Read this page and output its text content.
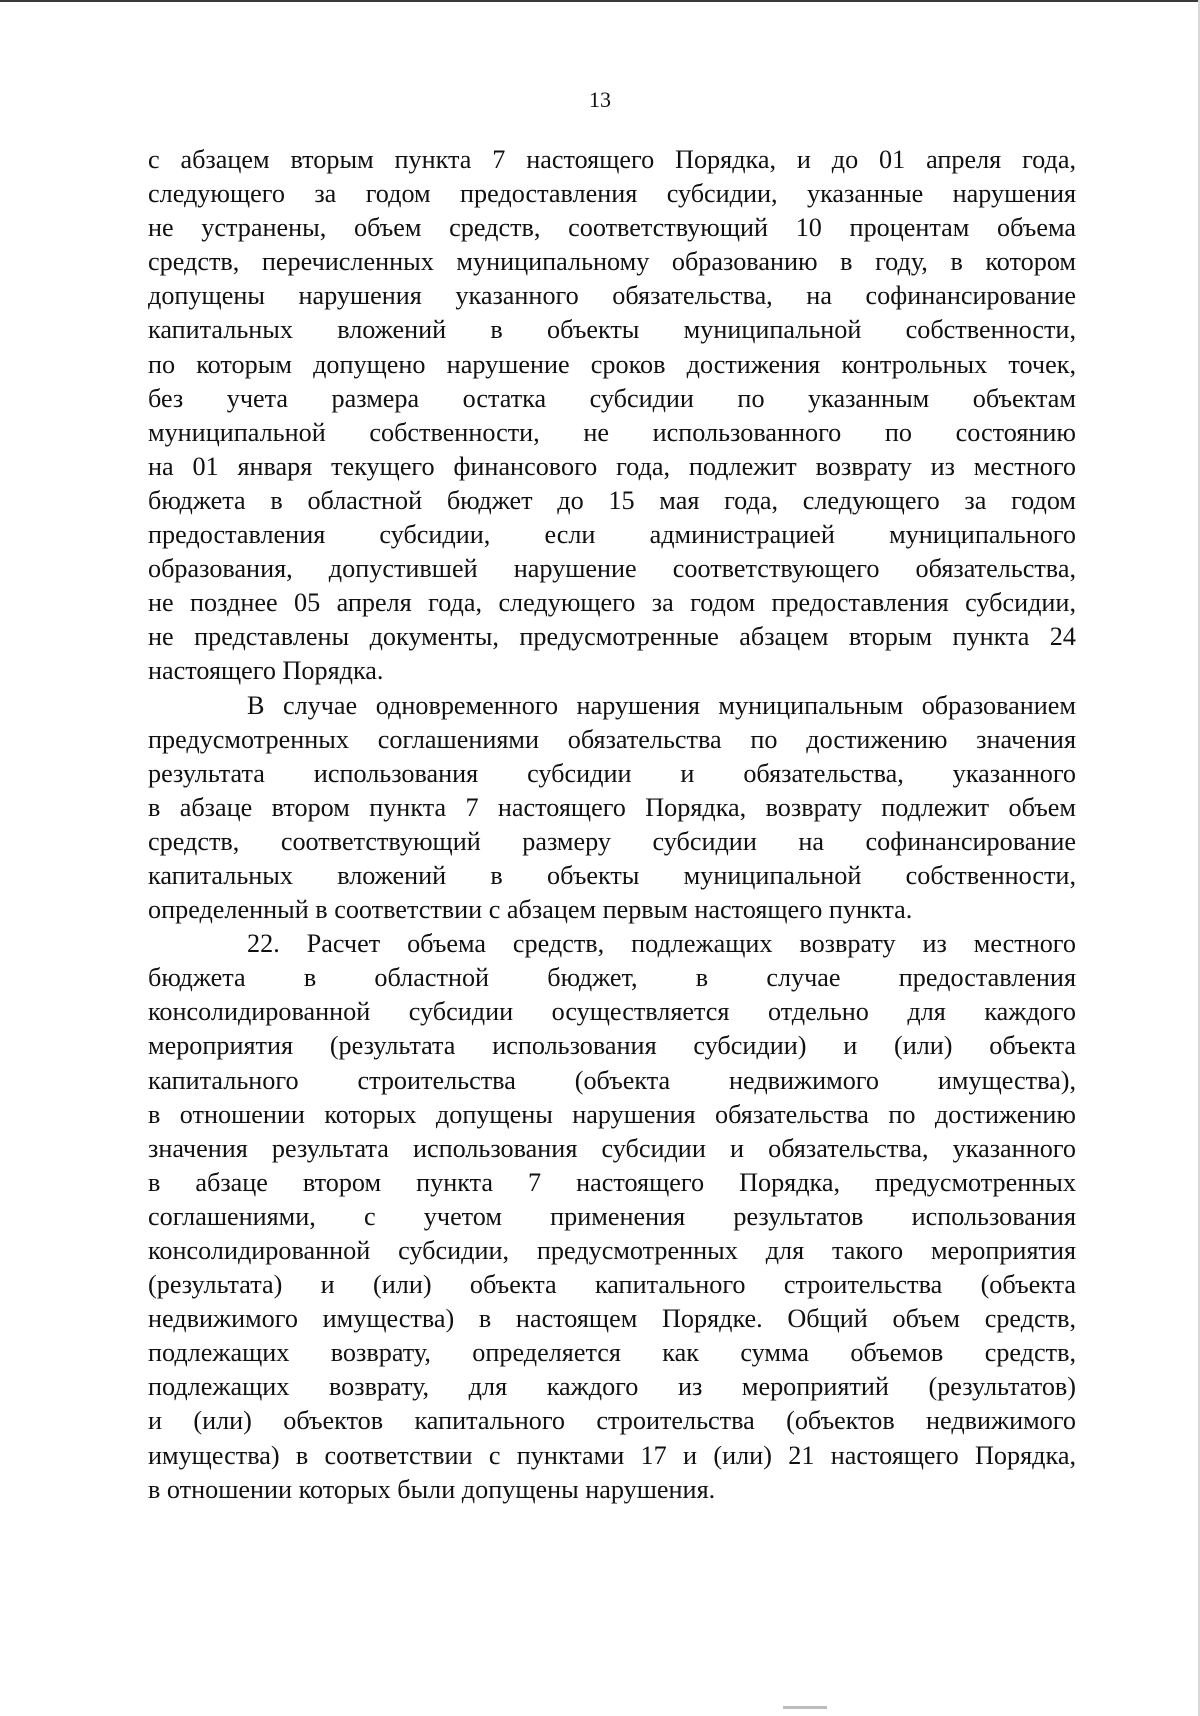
13
с абзацем вторым пункта 7 настоящего Порядка, и до 01 апреля года,
следующего за годом предоставления субсидии, указанные нарушения
не устранены, объем средств, соответствующий 10 процентам объема
средств, перечисленных муниципальному образованию в году, в котором
допущены нарушения указанного обязательства, на софинансирование
капитальных вложений в объекты муниципальной собственности,
по которым допущено нарушение сроков достижения контрольных точек,
без учета размера остатка субсидии по указанным объектам
муниципальной собственности, не использованного по состоянию
на 01 января текущего финансового года, подлежит возврату из местного
бюджета в областной бюджет до 15 мая года, следующего за годом
предоставления субсидии, если администрацией муниципального
образования, допустившей нарушение соответствующего обязательства,
не позднее 05 апреля года, следующего за годом предоставления субсидии,
не представлены документы, предусмотренные абзацем вторым пункта 24
настоящего Порядка.
В случае одновременного нарушения муниципальным образованием
предусмотренных соглашениями обязательства по достижению значения
результата использования субсидии и обязательства, указанного
в абзаце втором пункта 7 настоящего Порядка, возврату подлежит объем
средств, соответствующий размеру субсидии на софинансирование
капитальных вложений в объекты муниципальной собственности,
определенный в соответствии с абзацем первым настоящего пункта.
22. Расчет объема средств, подлежащих возврату из местного
бюджета в областной бюджет, в случае предоставления
консолидированной субсидии осуществляется отдельно для каждого
мероприятия (результата использования субсидии) и (или) объекта
капитального строительства (объекта недвижимого имущества),
в отношении которых допущены нарушения обязательства по достижению
значения результата использования субсидии и обязательства, указанного
в абзаце втором пункта 7 настоящего Порядка, предусмотренных
соглашениями, с учетом применения результатов использования
консолидированной субсидии, предусмотренных для такого мероприятия
(результата) и (или) объекта капитального строительства (объекта
недвижимого имущества) в настоящем Порядке. Общий объем средств,
подлежащих возврату, определяется как сумма объемов средств,
подлежащих возврату, для каждого из мероприятий (результатов)
и (или) объектов капитального строительства (объектов недвижимого
имущества) в соответствии с пунктами 17 и (или) 21 настоящего Порядка,
в отношении которых были допущены нарушения.
